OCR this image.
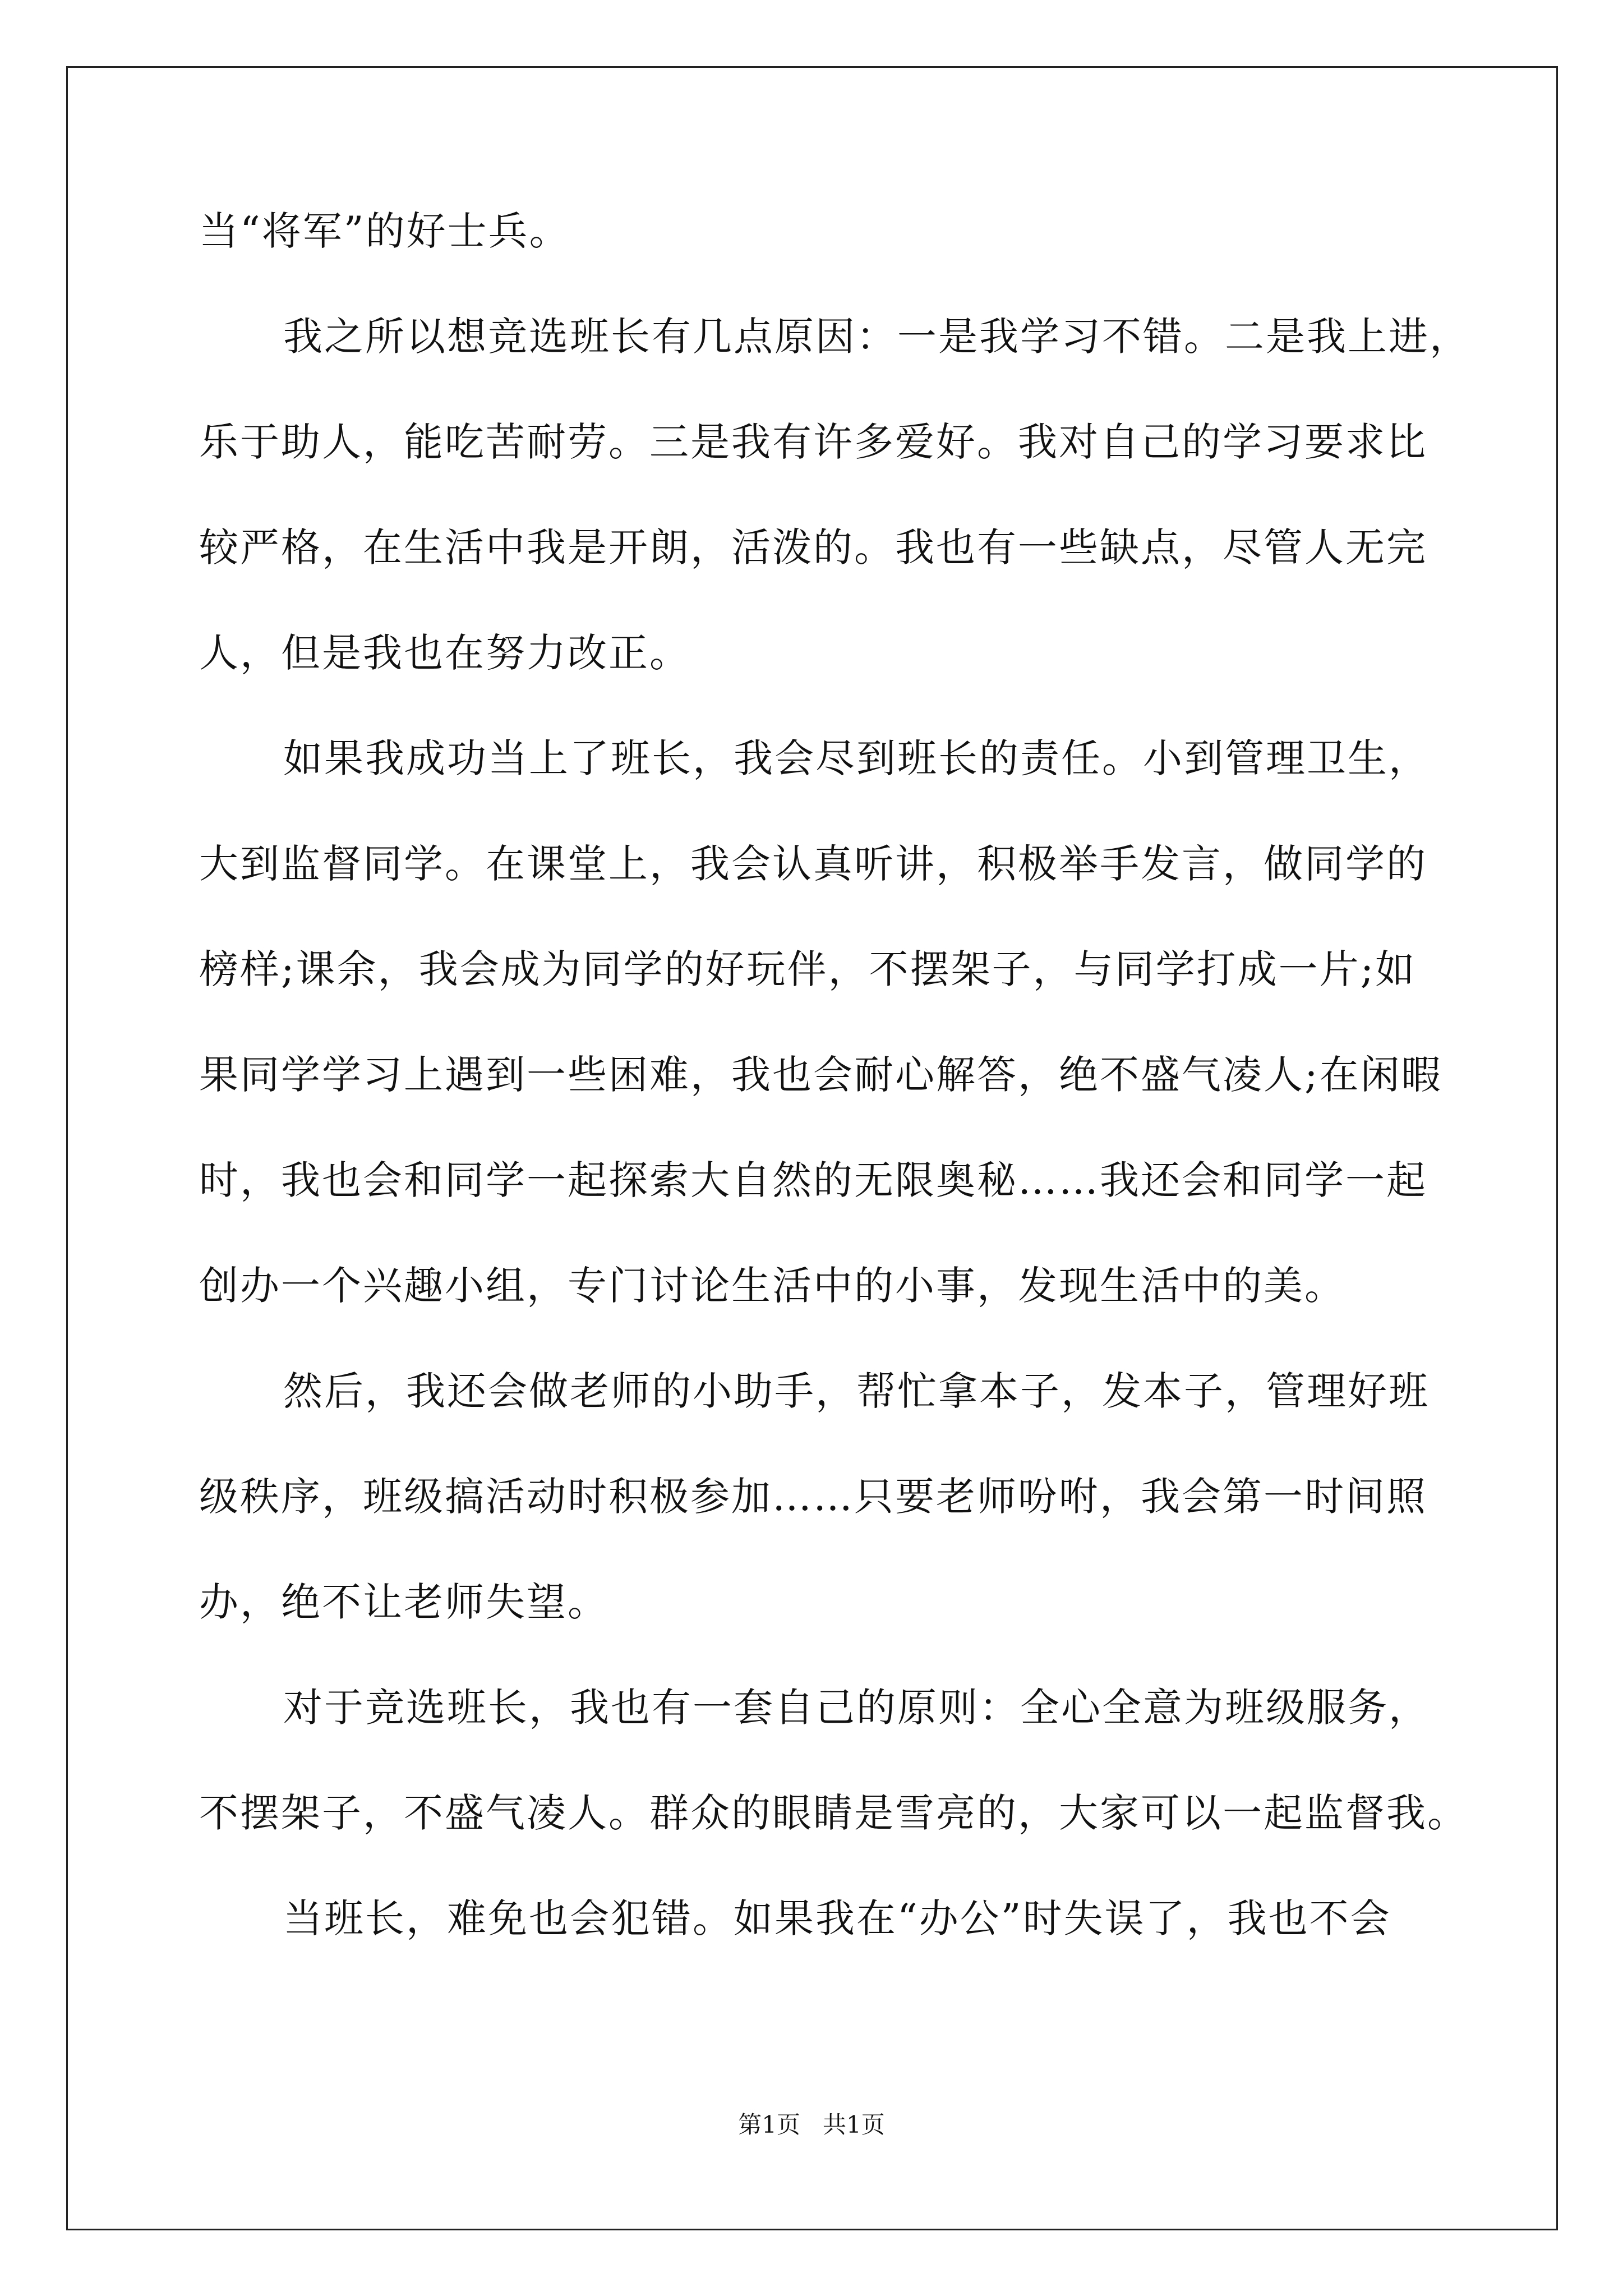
当“将军”的好士兵。
我之所以想竞选班长有几点原因：一是我学习不错。二是我上进，
乐于助人，能吃苦耐劳。三是我有许多爱好。我对自己的学习要求比
较严格，在生活中我是开朗，活泼的。我也有一些缺点，尽管人无完
人，但是我也在努力改正。
如果我成功当上了班长，我会尽到班长的责任。小到管理卫生，
大到监督同学。在课堂上，我会认真听讲，积极举手发言，做同学的
榜样;课余，我会成为同学的好玩伴，不摆架子，与同学打成一片;如
果同学学习上遇到一些困难，我也会耐心解答，绝不盛气凌人;在闲暇
时，我也会和同学一起探索大自然的无限奥秘……我还会和同学一起
创办一个兴趣小组，专门讨论生活中的小事，发现生活中的美。
然后，我还会做老师的小助手，帮忙拿本子，发本子，管理好班
级秩序，班级搞活动时积极参加……只要老师吩咐，我会第一时间照
办，绝不让老师失望。
对于竞选班长，我也有一套自己的原则：全心全意为班级服务，
不摆架子，不盛气凌人。群众的眼睛是雪亮的，大家可以一起监督我。
当班长，难免也会犯错。如果我在“办公”时失误了，我也不会
第1页 共1页
